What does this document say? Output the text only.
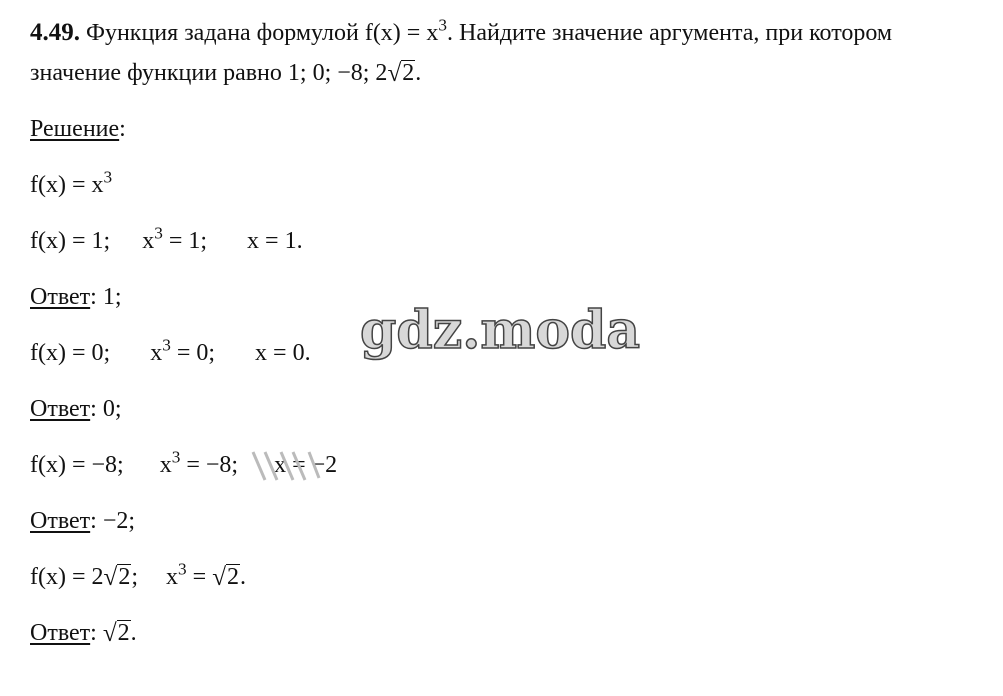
4.49. Функция задана формулой $f(x) = x^3$. Найдите значение аргумента, при котором
значение функции равно 1; 0; −8; 2√2.
Решение:
$f(x) = x^3$
f(x) = 1; $x^3 = 1$; x = 1.
Ответ: 1;
f(x) = 0; $x^3 = 0$; x = 0.
Ответ: 0;
f(x) = −8; $x^3 = -8$; x = −2
Ответ: −2;
f(x) = 2√2; $x^3 = √2$.
Ответ: √2.
gdz.moda
